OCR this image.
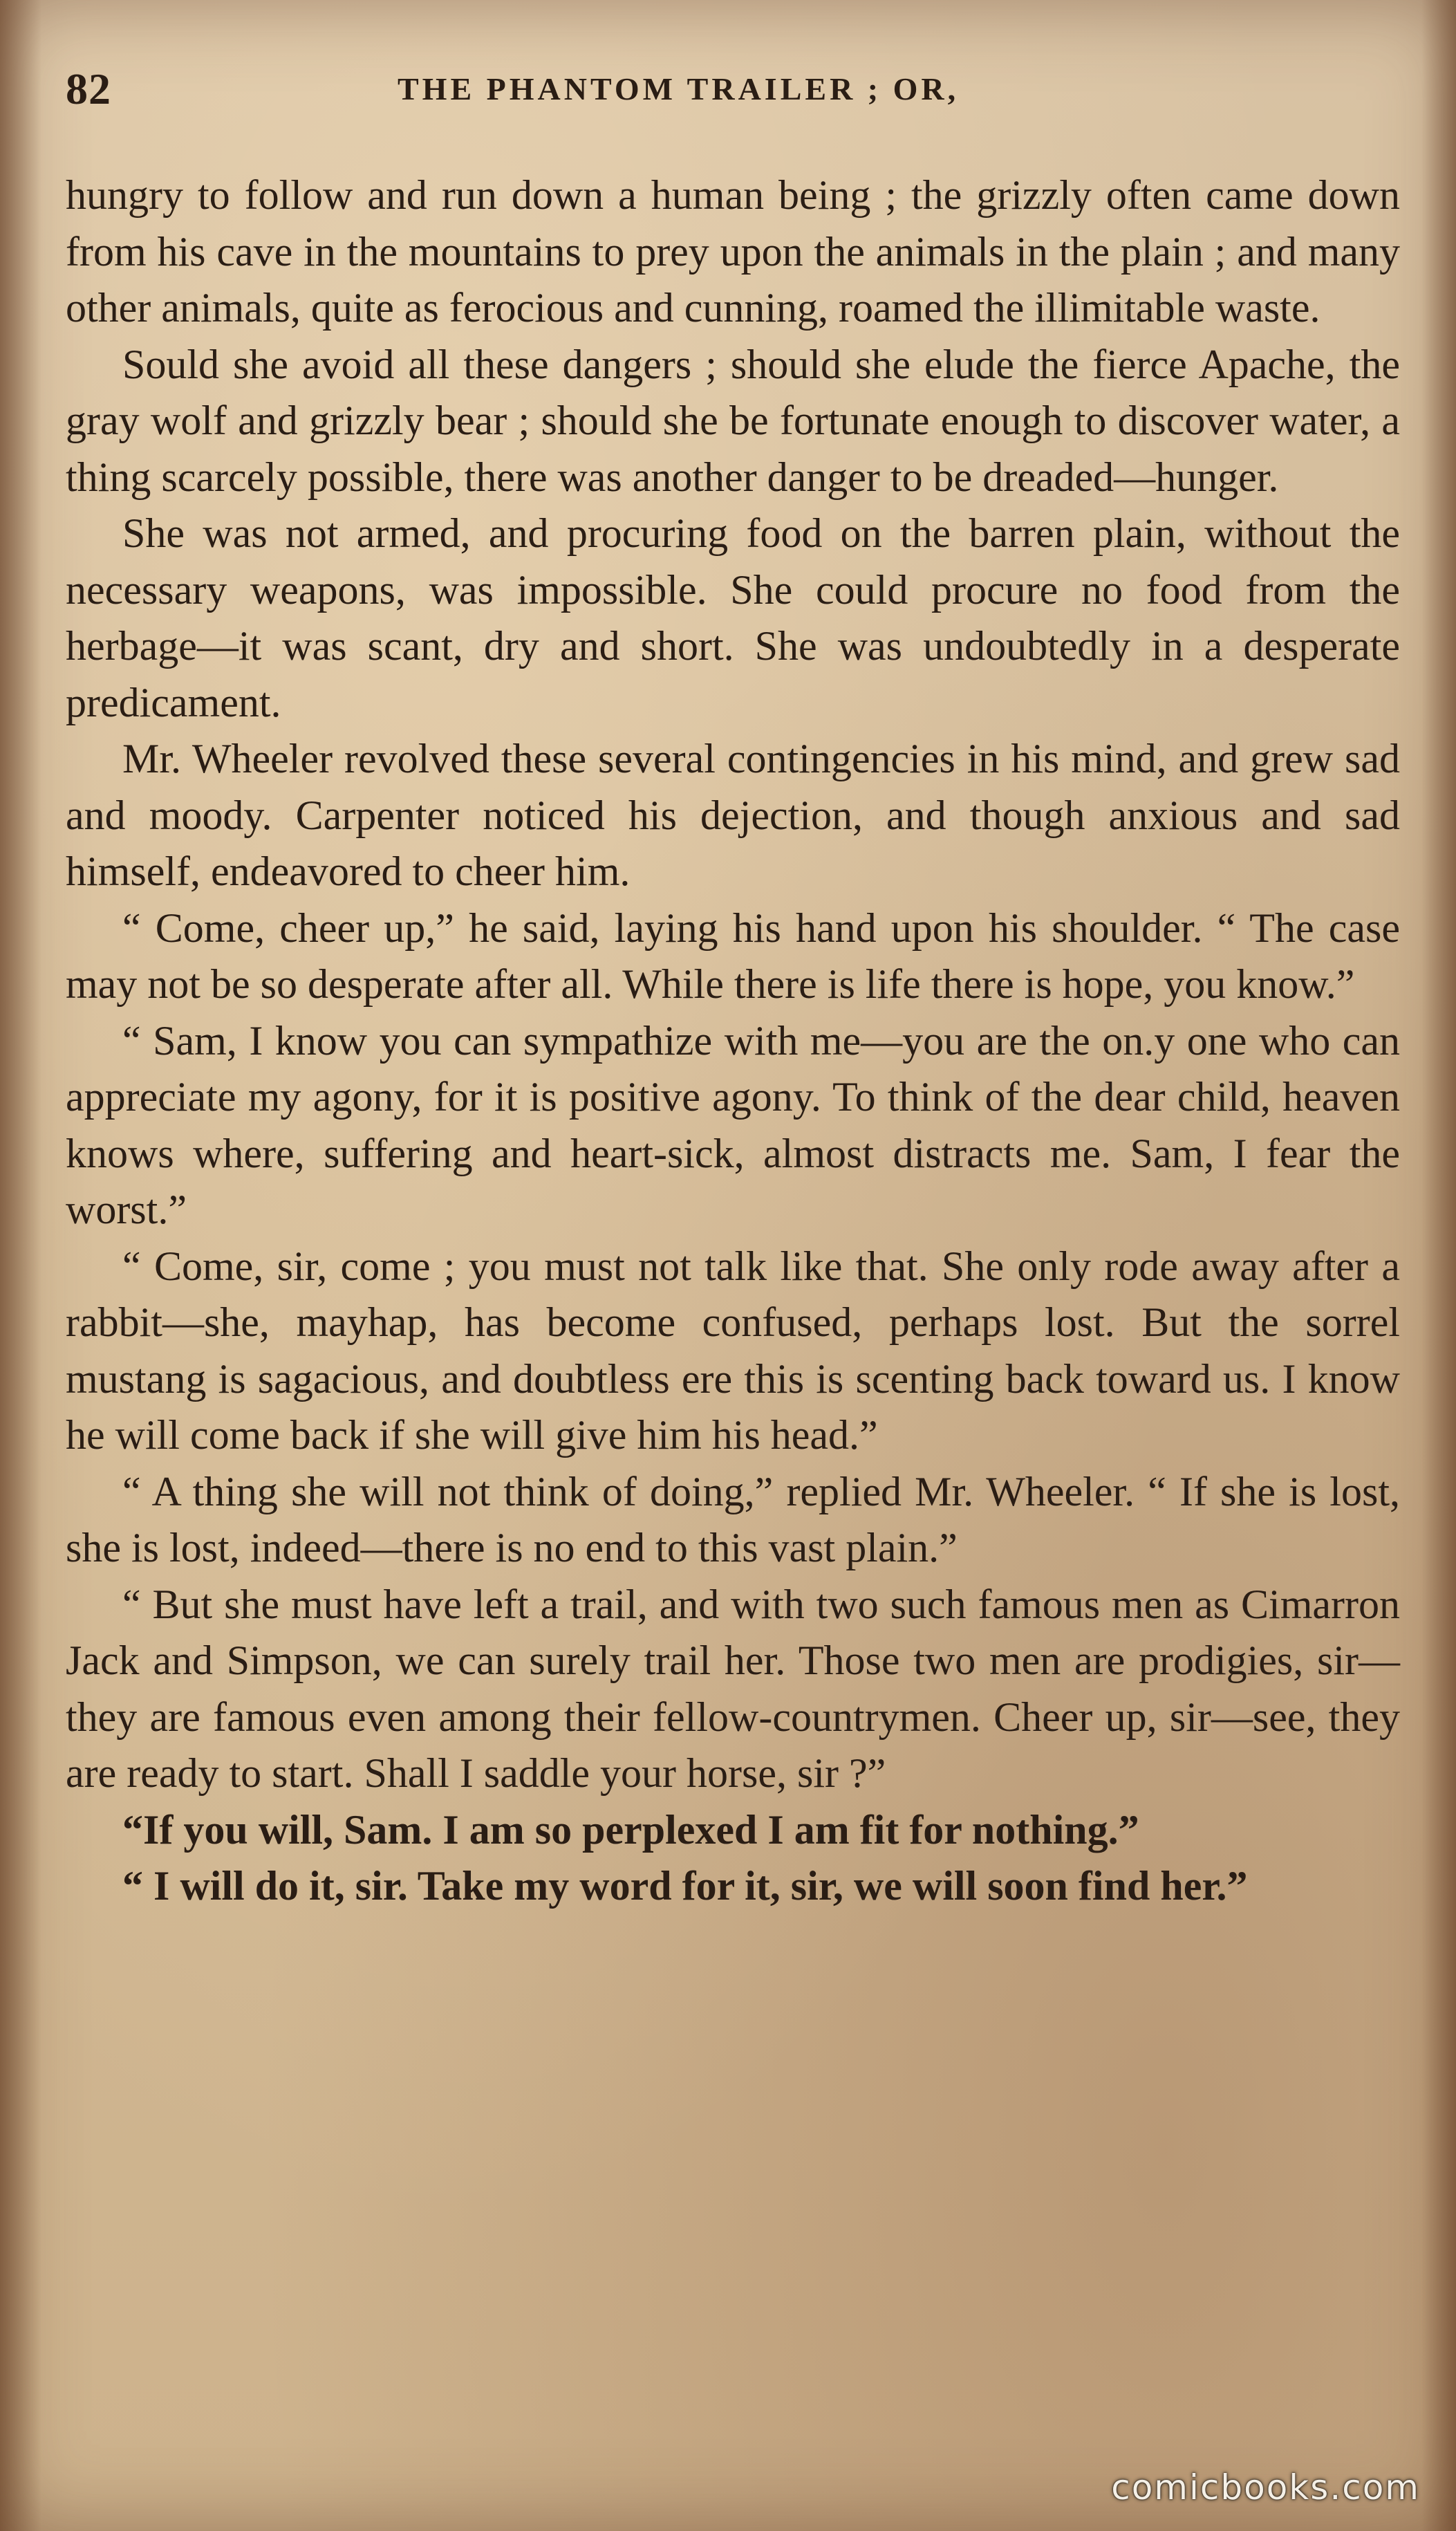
82	THE PHANTOM TRAILER ; OR,

hungry to follow and run down a human being ; the grizzly often came down from his cave in the mountains to prey upon the animals in the plain ; and many other animals, quite as ferocious and cunning, roamed the illimitable waste.

Sould she avoid all these dangers ; should she elude the fierce Apache, the gray wolf and grizzly bear ; should she be fortunate enough to discover water, a thing scarcely possible, there was another danger to be dreaded—hunger.

She was not armed, and procuring food on the barren plain, without the necessary weapons, was impossible. She could procure no food from the herbage—it was scant, dry and short. She was undoubtedly in a desperate predicament.

Mr. Wheeler revolved these several contingencies in his mind, and grew sad and moody. Carpenter noticed his dejection, and though anxious and sad himself, endeavored to cheer him.

“ Come, cheer up,” he said, laying his hand upon his shoulder. “ The case may not be so desperate after all. While there is life there is hope, you know.”

“ Sam, I know you can sympathize with me—you are the on.y one who can appreciate my agony, for it is positive agony. To think of the dear child, heaven knows where, suffering and heart-sick, almost distracts me. Sam, I fear the worst.”

“ Come, sir, come ; you must not talk like that. She only rode away after a rabbit—she, mayhap, has become confused, perhaps lost. But the sorrel mustang is sagacious, and doubtless ere this is scenting back toward us. I know he will come back if she will give him his head.”

“ A thing she will not think of doing,” replied Mr. Wheeler. “ If she is lost, she is lost, indeed—there is no end to this vast plain.”

“ But she must have left a trail, and with two such famous men as Cimarron Jack and Simpson, we can surely trail her. Those two men are prodigies, sir—they are famous even among their fellow-countrymen. Cheer up, sir—see, they are ready to start. Shall I saddle your horse, sir ?”

“If you will, Sam. I am so perplexed I am fit for nothing.”

“ I will do it, sir. Take my word for it, sir, we will soon find her.”

comicbooks.com
